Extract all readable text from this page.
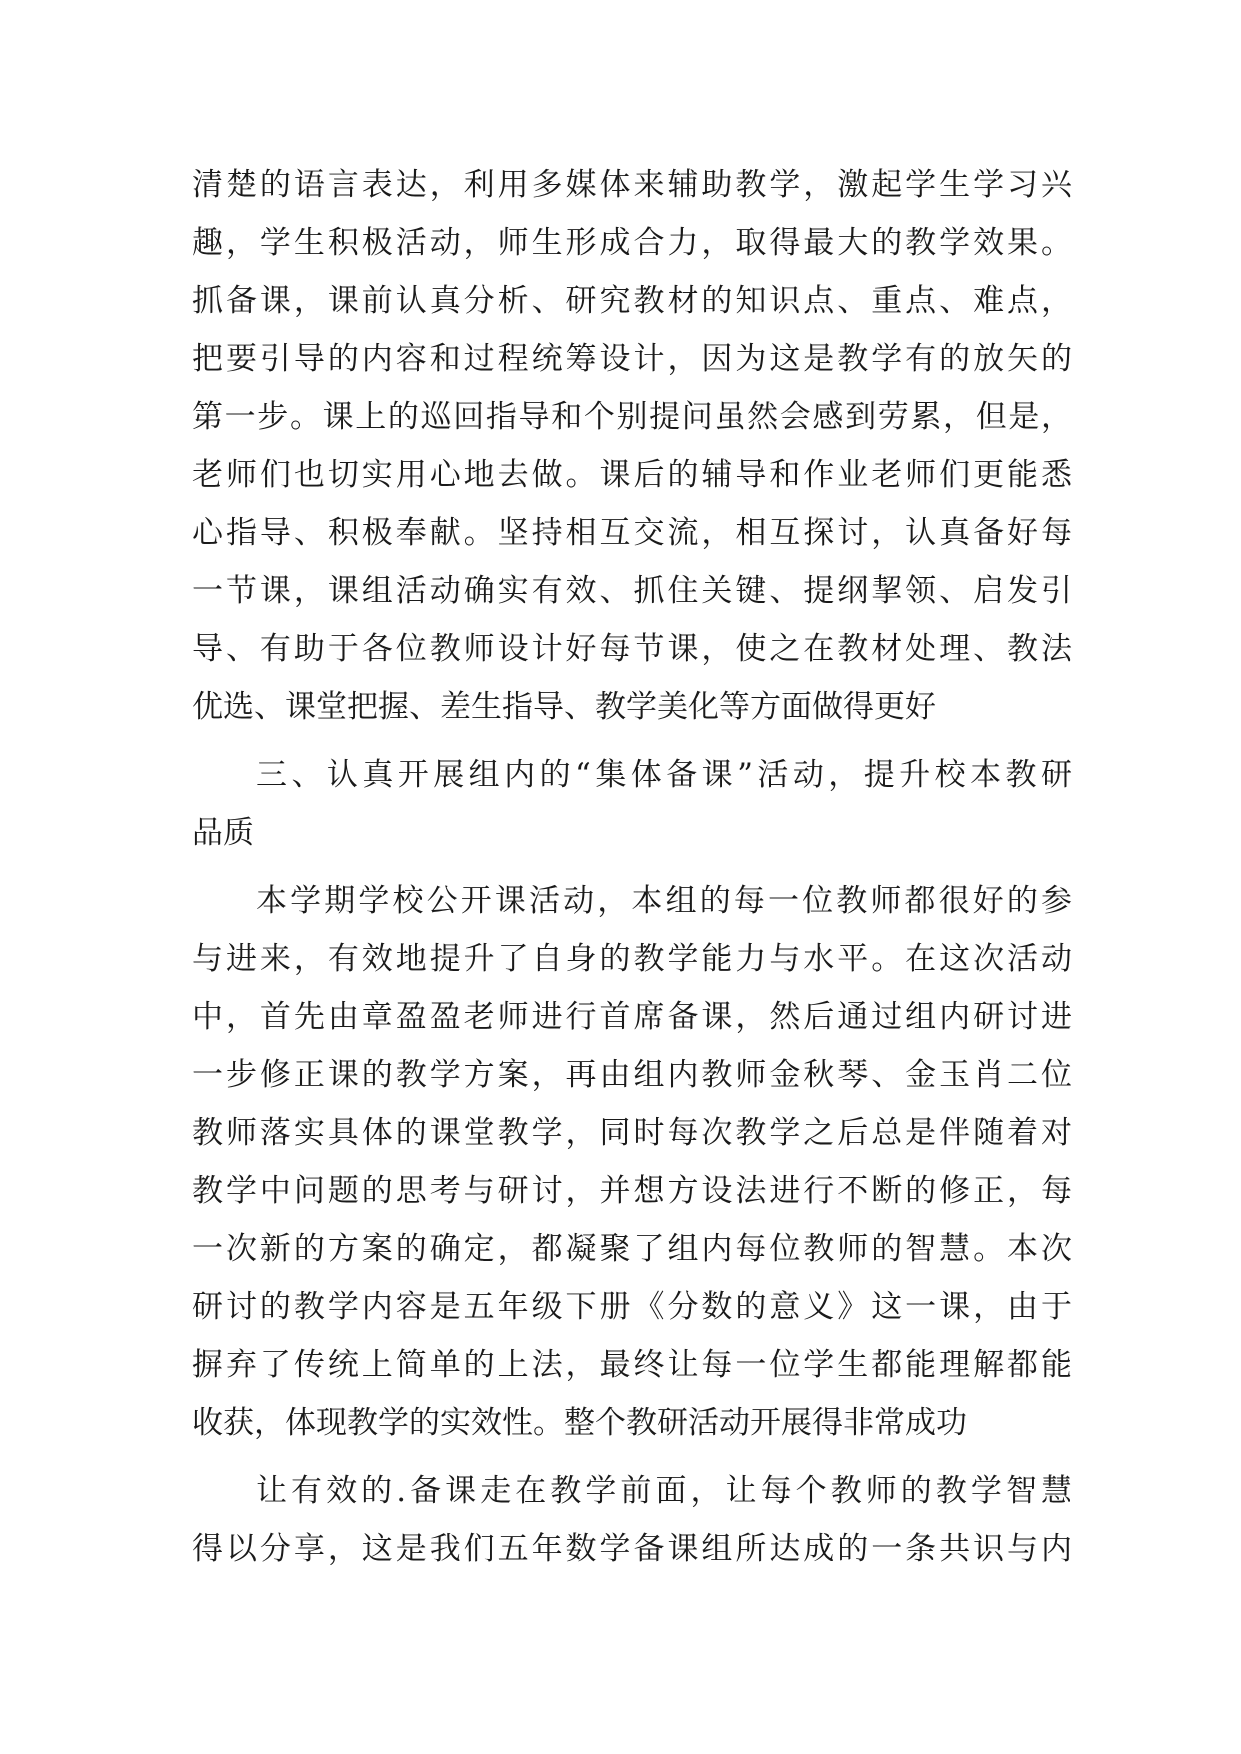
清楚的语言表达，利用多媒体来辅助教学，激起学生学习兴
趣，学生积极活动，师生形成合力，取得最大的教学效果。
抓备课，课前认真分析、研究教材的知识点、重点、难点，
把要引导的内容和过程统筹设计，因为这是教学有的放矢的
第一步。课上的巡回指导和个别提问虽然会感到劳累，但是，
老师们也切实用心地去做。课后的辅导和作业老师们更能悉
心指导、积极奉献。坚持相互交流，相互探讨，认真备好每
一节课，课组活动确实有效、抓住关键、提纲挈领、启发引
导、有助于各位教师设计好每节课，使之在教材处理、教法
优选、课堂把握、差生指导、教学美化等方面做得更好
三、认真开展组内的“集体备课”活动，提升校本教研
品质
本学期学校公开课活动，本组的每一位教师都很好的参
与进来，有效地提升了自身的教学能力与水平。在这次活动
中，首先由章盈盈老师进行首席备课，然后通过组内研讨进
一步修正课的教学方案，再由组内教师金秋琴、金玉肖二位
教师落实具体的课堂教学，同时每次教学之后总是伴随着对
教学中问题的思考与研讨，并想方设法进行不断的修正，每
一次新的方案的确定，都凝聚了组内每位教师的智慧。本次
研讨的教学内容是五年级下册《分数的意义》这一课，由于
摒弃了传统上简单的上法，最终让每一位学生都能理解都能
收获，体现教学的实效性。整个教研活动开展得非常成功
让有效的.备课走在教学前面，让每个教师的教学智慧
得以分享，这是我们五年数学备课组所达成的一条共识与内
